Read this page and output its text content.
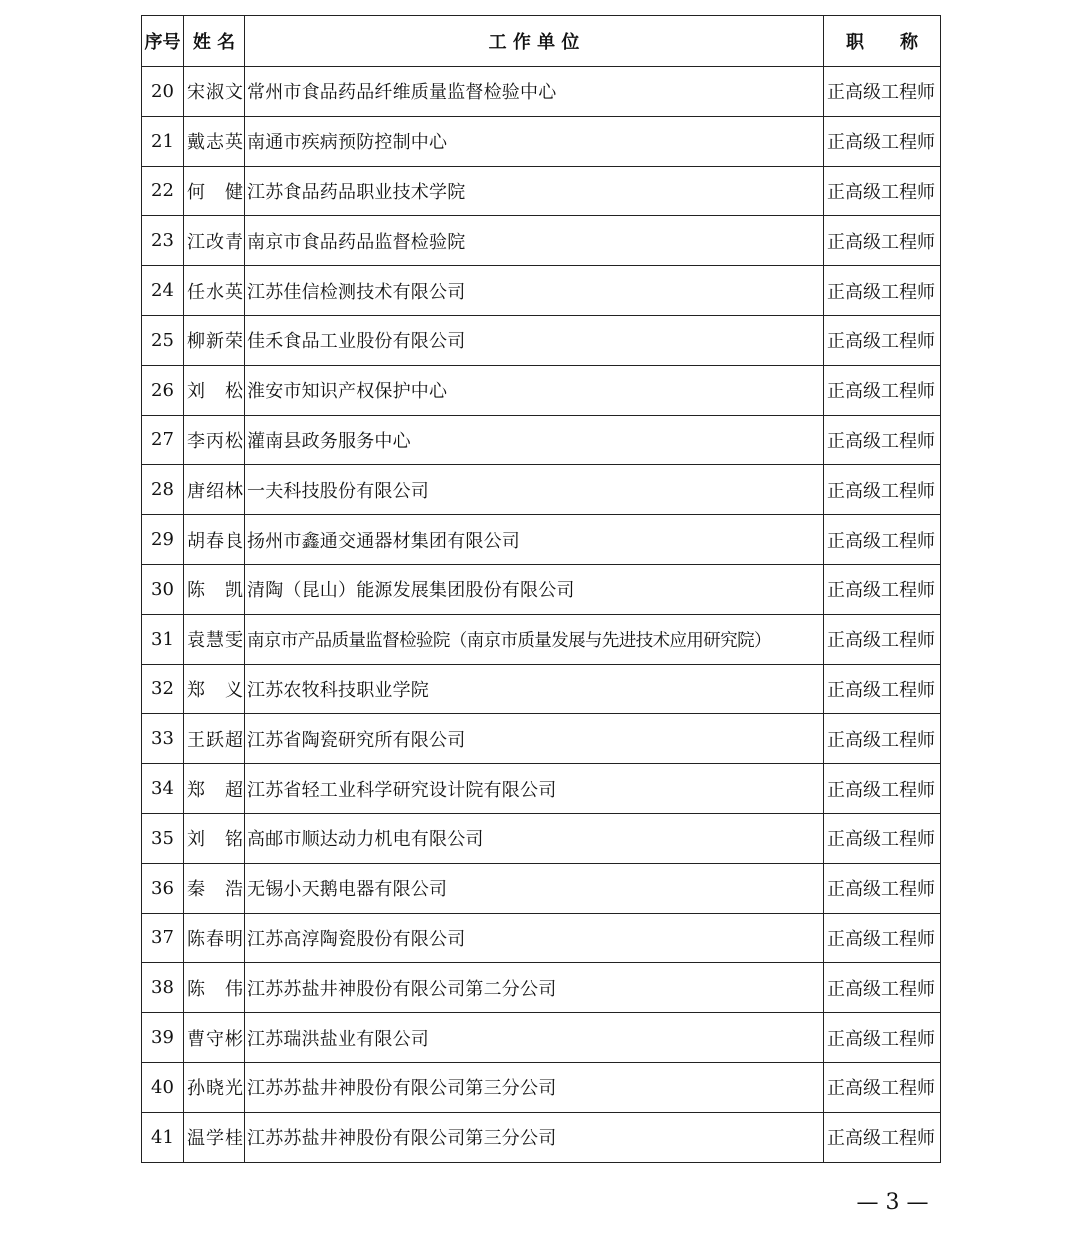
序号	姓 名	工 作 单 位	职　　称
20	宋淑文	常州市食品药品纤维质量监督检验中心	正高级工程师
21	戴志英	南通市疾病预防控制中心	正高级工程师
22	何健	江苏食品药品职业技术学院	正高级工程师
23	江改青	南京市食品药品监督检验院	正高级工程师
24	任水英	江苏佳信检测技术有限公司	正高级工程师
25	柳新荣	佳禾食品工业股份有限公司	正高级工程师
26	刘松	淮安市知识产权保护中心	正高级工程师
27	李丙松	灌南县政务服务中心	正高级工程师
28	唐绍林	一夫科技股份有限公司	正高级工程师
29	胡春良	扬州市鑫通交通器材集团有限公司	正高级工程师
30	陈凯	清陶（昆山）能源发展集团股份有限公司	正高级工程师
31	袁慧雯	南京市产品质量监督检验院（南京市质量发展与先进技术应用研究院）	正高级工程师
32	郑义	江苏农牧科技职业学院	正高级工程师
33	王跃超	江苏省陶瓷研究所有限公司	正高级工程师
34	郑超	江苏省轻工业科学研究设计院有限公司	正高级工程师
35	刘铭	高邮市顺达动力机电有限公司	正高级工程师
36	秦浩	无锡小天鹅电器有限公司	正高级工程师
37	陈春明	江苏高淳陶瓷股份有限公司	正高级工程师
38	陈伟	江苏苏盐井神股份有限公司第二分公司	正高级工程师
39	曹守彬	江苏瑞洪盐业有限公司	正高级工程师
40	孙晓光	江苏苏盐井神股份有限公司第三分公司	正高级工程师
41	温学桂	江苏苏盐井神股份有限公司第三分公司	正高级工程师
— 3 —
